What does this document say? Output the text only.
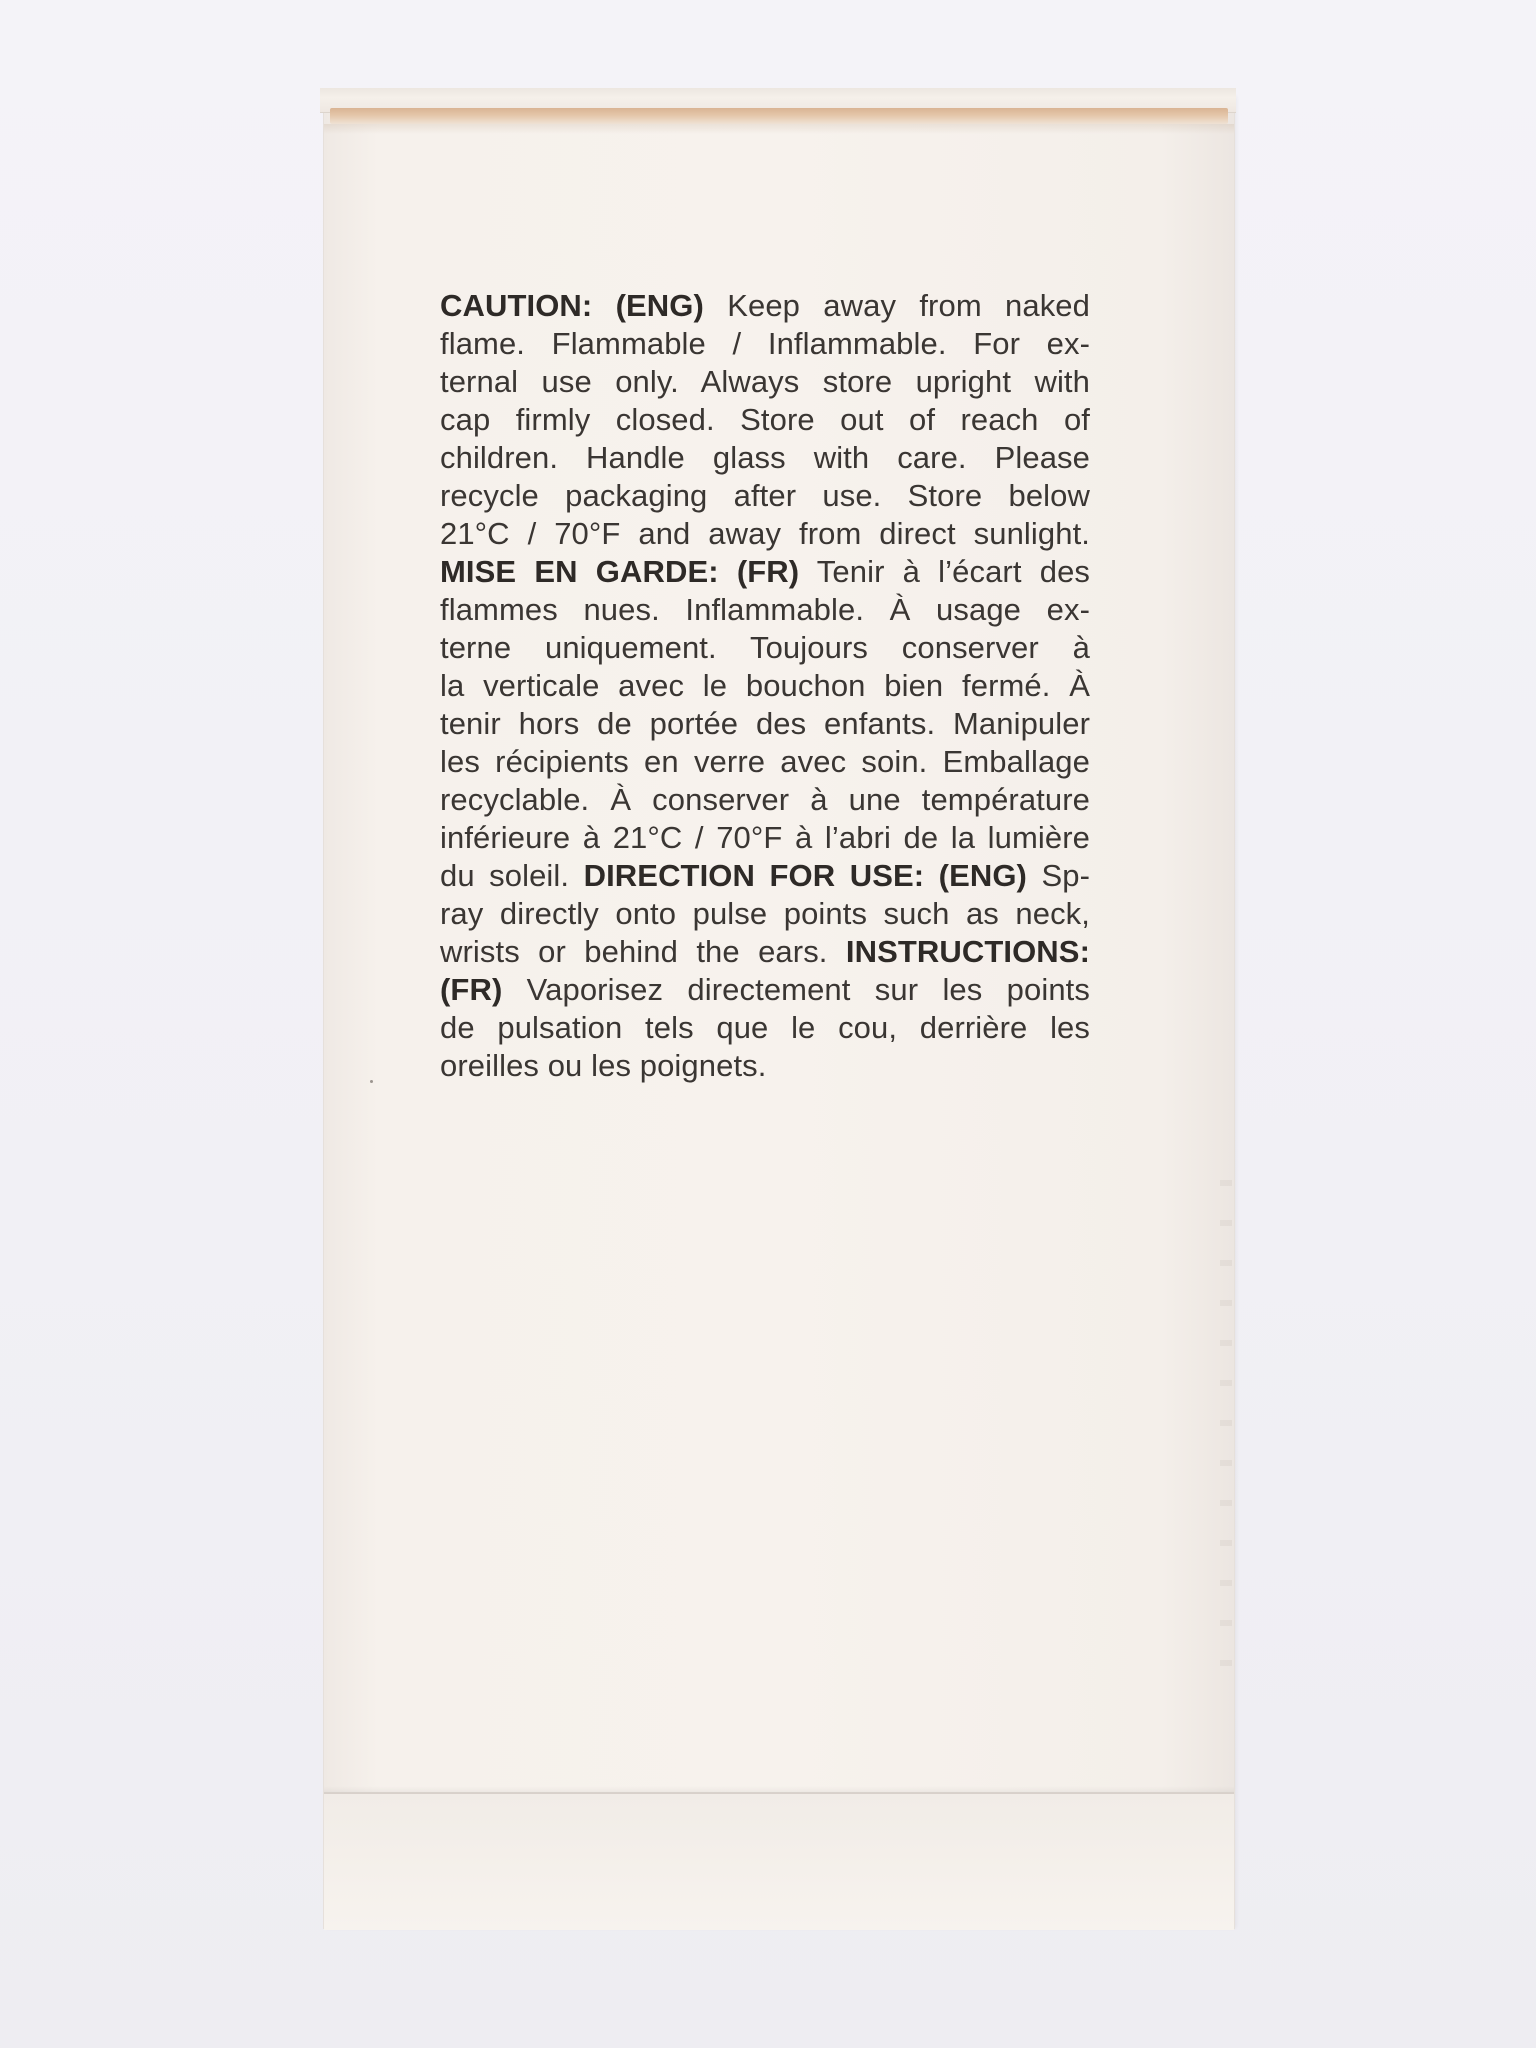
CAUTION: (ENG) Keep away from naked
flame. Flammable / Inflammable. For ex-
ternal use only. Always store upright with
cap firmly closed. Store out of reach of
children. Handle glass with care. Please
recycle packaging after use. Store below
21°C / 70°F and away from direct sunlight.
MISE EN GARDE: (FR) Tenir à l’écart des
flammes nues. Inflammable. À usage ex-
terne uniquement. Toujours conserver à
la verticale avec le bouchon bien fermé. À
tenir hors de portée des enfants. Manipuler
les récipients en verre avec soin. Emballage
recyclable. À conserver à une température
inférieure à 21°C / 70°F à l’abri de la lumière
du soleil. DIRECTION FOR USE: (ENG) Sp-
ray directly onto pulse points such as neck,
wrists or behind the ears. INSTRUCTIONS:
(FR) Vaporisez directement sur les points
de pulsation tels que le cou, derrière les
oreilles ou les poignets.
